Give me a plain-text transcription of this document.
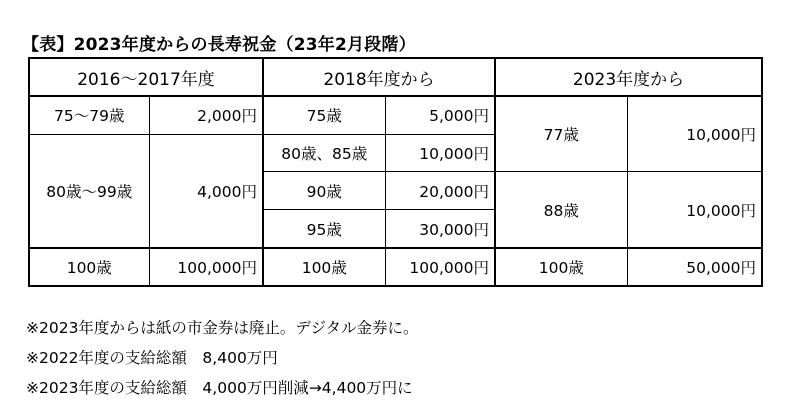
【表】2023年度からの長寿祝金（23年2月段階）
2016～2017年度		2018年度から		2023年度から	
75～79歳	2,000円	75歳	5,000円	77歳	10,000円
80歳～99歳	4,000円	80歳、85歳	10,000円		
		90歳	20,000円	88歳	10,000円
		95歳	30,000円		
100歳	100,000円	100歳	100,000円	100歳	50,000円
※2023年度からは紙の市金券は廃止。デジタル金券に。
※2022年度の支給総額　8,400万円
※2023年度の支給総額　4,000万円削減→4,400万円に
